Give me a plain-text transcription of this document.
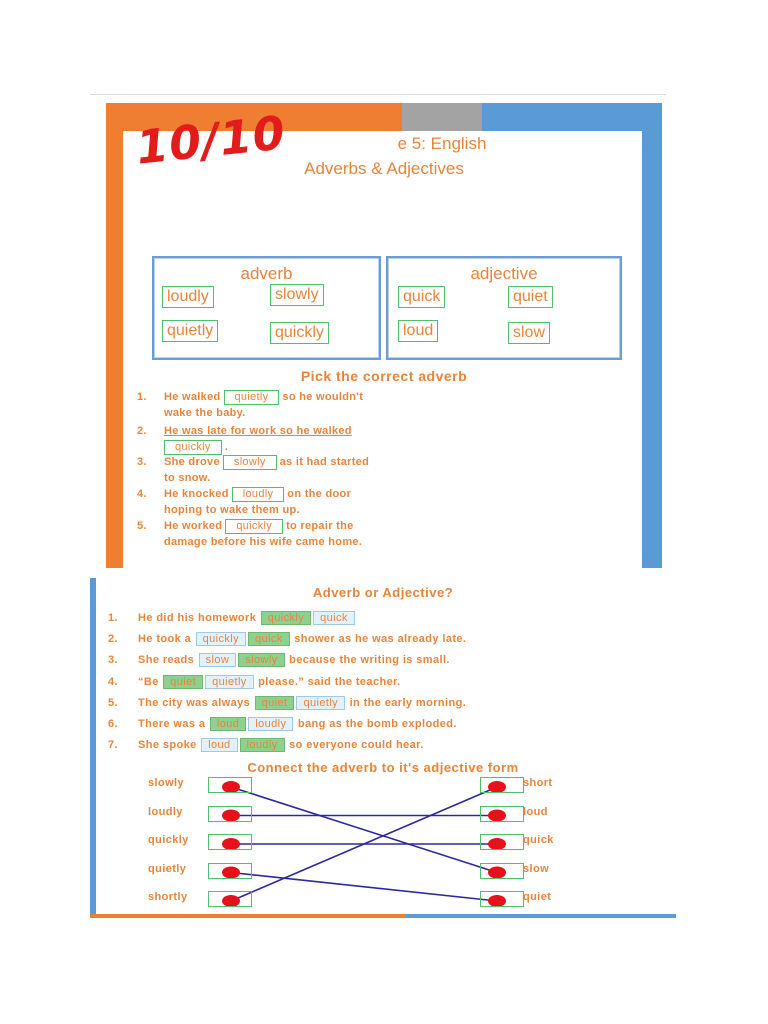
e 5: English
Adverbs & Adjectives
adverb
loudly	slowly
quietly	quickly
adjective
quick	quiet
loud	slow
Pick the correct adverb
1. He walked quietly so he wouldn't
wake the baby.
2. He was late for work so he walked
quickly .
3. She drove slowly as it had started
to snow.
4. He knocked loudly on the door
hoping to wake them up.
5. He worked quickly to repair the
damage before his wife came home.
10/10
Adverb or Adjective?
1. He did his homework quickly quick
2. He took a quickly quick shower as he was already late.
3. She reads slow slowly because the writing is small.
4. “Be quiet quietly please.” said the teacher.
5. The city was always quiet quietly in the early morning.
6. There was a loud loudly bang as the bomb exploded.
7. She spoke loud loudly so everyone could hear.
Connect the adverb to it's adjective form
slowly
loudly
quickly
quietly
shortly
short
loud
quick
slow
quiet
